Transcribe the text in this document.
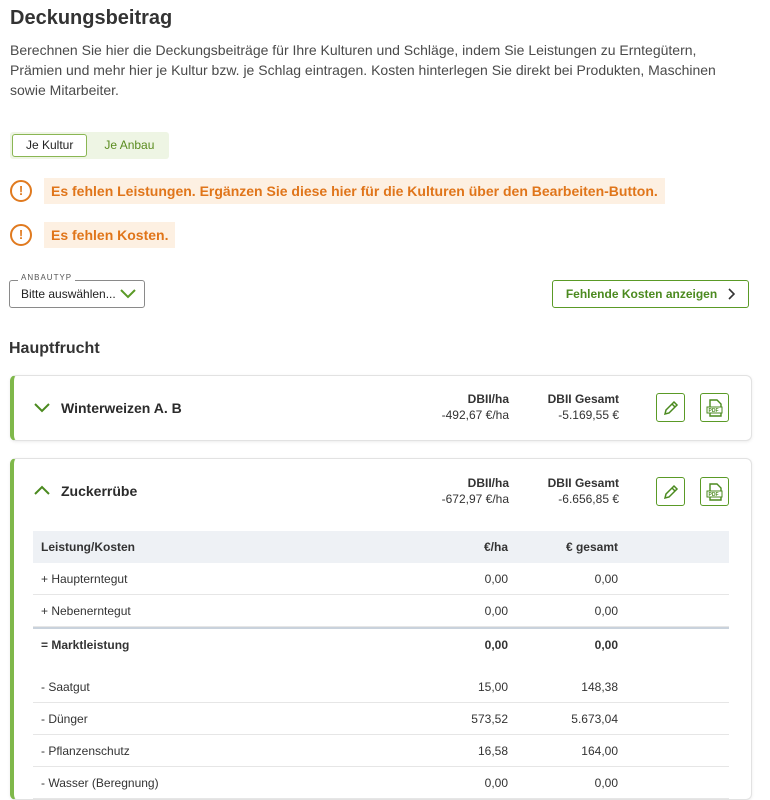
Deckungsbeitrag

Berechnen Sie hier die Deckungsbeiträge für Ihre Kulturen und Schläge, indem Sie Leistungen zu Erntegütern, Prämien und mehr hier je Kultur bzw. je Schlag eintragen. Kosten hinterlegen Sie direkt bei Produkten, Maschinen sowie Mitarbeiter.

Je Kultur	Je Anbau
!	Es fehlen Leistungen. Ergänzen Sie diese hier für die Kulturen über den Bearbeiten-Button.
!	Es fehlen Kosten.
ANBAUTYP
Bitte auswählen...	Fehlende Kosten anzeigen
Hauptfrucht
Winterweizen A. B
DBII/ha
-492,67 €/ha
DBII Gesamt
-5.169,55 €	PDF
Zuckerrübe	DBII/ha
-672,97 €/ha
DBII Gesamt
-6.656,85 €	PDF
Leistung/Kosten	€/ha	€ gesamt
+ Haupterntegut	0,00	0,00
+ Nebenerntegut	0,00	0,00
= Marktleistung	0,00	0,00
- Saatgut	15,00	148,38
- Dünger	573,52	5.673,04
- Pflanzenschutz	16,58	164,00
- Wasser (Beregnung)	0,00	0,00
